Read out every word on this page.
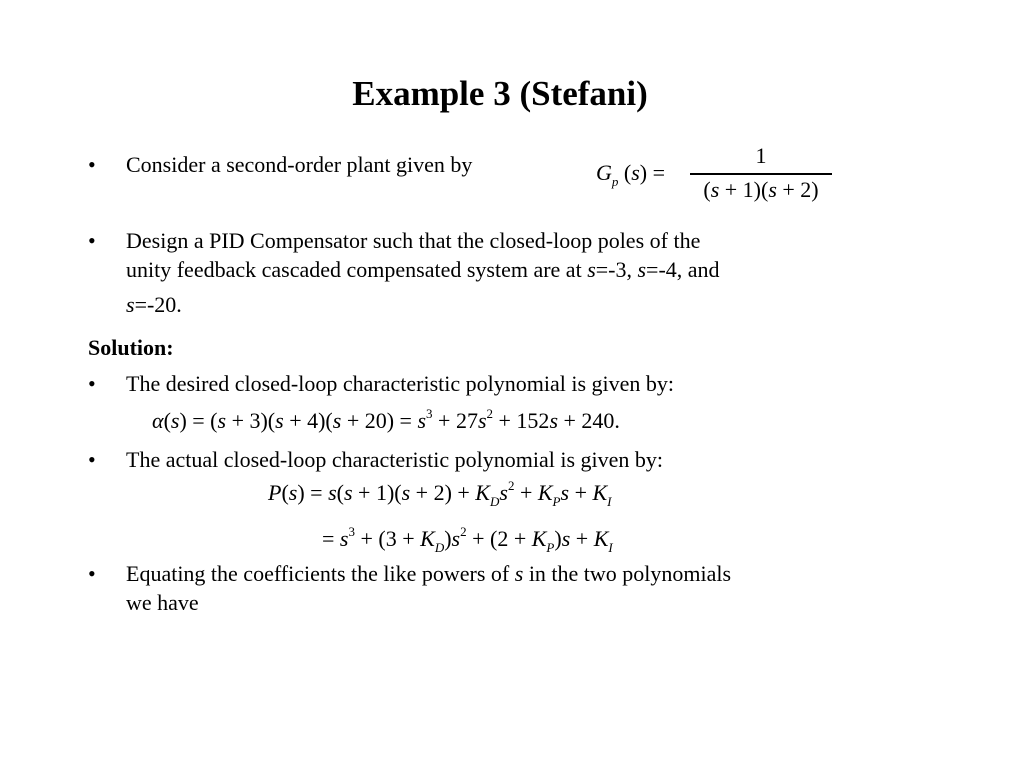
Example 3 (Stefani)
• Consider a second-order plant given by	$G_p$ (s) =
1
(s + 1)(s + 2)
• Design a PID Compensator such that the closed-loop poles of the
unity feedback cascaded compensated system are at s=-3, s=-4, and
s=-20.
Solution:
• The desired closed-loop characteristic polynomial is given by:
$\alpha(s) = (s + 3)(s + 4)(s + 20) = s^3 + 27s^2 + 152s + 240$.
• The actual closed-loop characteristic polynomial is given by:
$P(s) = s(s + 1)(s + 2) + K_Ds^2 + K_Ps + K_I$
= $s^3 + (3 + K_D)s^2 + (2 + K_P)s + K_I$
• Equating the coefficients the like powers of s in the two polynomials
we have
